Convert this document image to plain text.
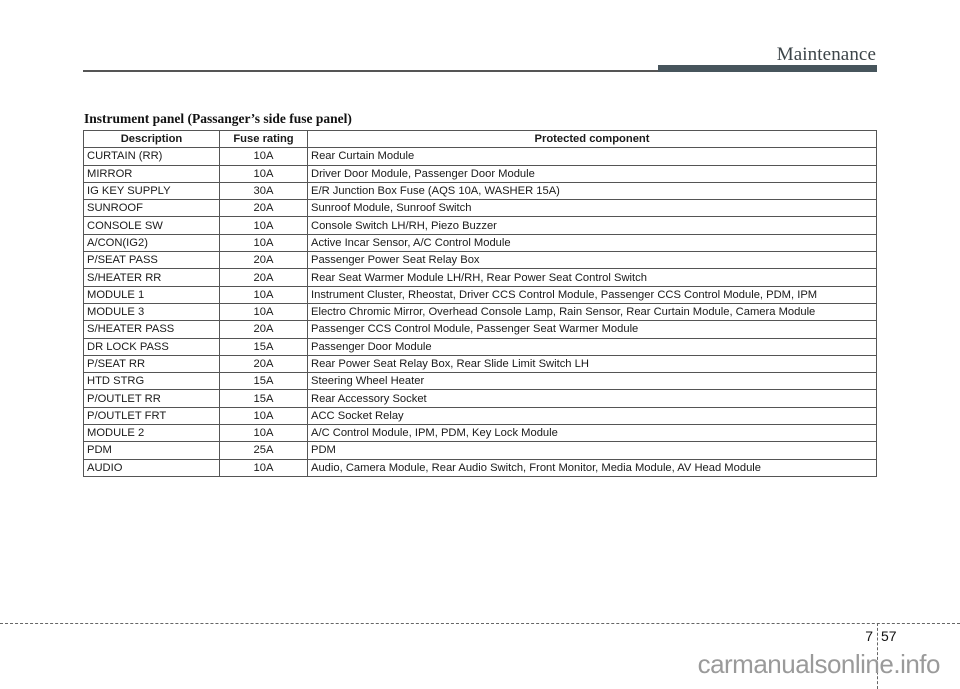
Maintenance
Instrument panel (Passanger’s side fuse panel)
Description	Fuse rating	Protected component
CURTAIN (RR)	10A	Rear Curtain Module
MIRROR	10A	Driver Door Module, Passenger Door Module
IG KEY SUPPLY	30A	E/R Junction Box Fuse (AQS 10A, WASHER 15A)
SUNROOF	20A	Sunroof Module, Sunroof Switch
CONSOLE SW	10A	Console Switch LH/RH, Piezo Buzzer
A/CON(IG2)	10A	Active Incar Sensor, A/C Control Module
P/SEAT PASS	20A	Passenger Power Seat Relay Box
S/HEATER RR	20A	Rear Seat Warmer Module LH/RH, Rear Power Seat Control Switch
MODULE 1	10A	Instrument Cluster, Rheostat, Driver CCS Control Module, Passenger CCS Control Module, PDM, IPM
MODULE 3	10A	Electro Chromic Mirror, Overhead Console Lamp, Rain Sensor, Rear Curtain Module, Camera Module
S/HEATER PASS	20A	Passenger CCS Control Module, Passenger Seat Warmer Module
DR LOCK PASS	15A	Passenger Door Module
P/SEAT RR	20A	Rear Power Seat Relay Box, Rear Slide Limit Switch LH
HTD STRG	15A	Steering Wheel Heater
P/OUTLET RR	15A	Rear Accessory Socket
P/OUTLET FRT	10A	ACC Socket Relay
MODULE 2	10A	A/C Control Module, IPM, PDM, Key Lock Module
PDM	25A	PDM
AUDIO	10A	Audio, Camera Module, Rear Audio Switch, Front Monitor, Media Module, AV Head Module
7 57
carmanualsonline.info
